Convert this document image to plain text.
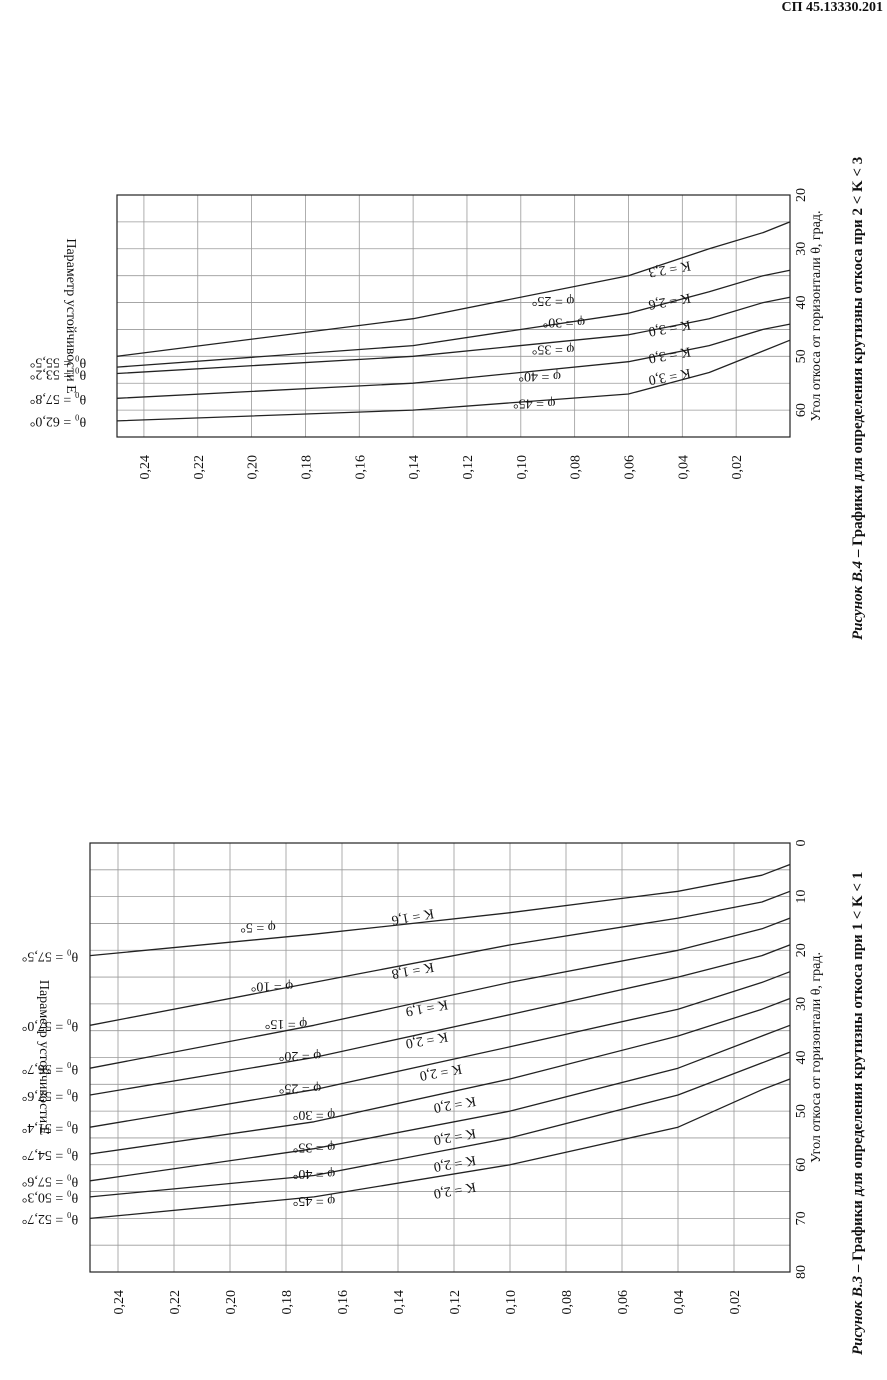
СП 45.13330.201
0,02
0,04
0,06
0,08
0,10
0,12
0,14
0,16
0,18
0,20
0,22
0,24
0
10
20
30
40
50
60
70
80
Угол откоса от горизонтали θ, град.
Параметр устойчивости E
Рисунок В.3 – Графики для определения крутизны откоса при 1 < K < 1
φ = 5°	K = 1,6
θ₀ = 57,5°
φ = 10°
K = 1,8
θ₀ = 57,0°	φ = 15°
K = 1,9
θ₀ = 56,7°
φ = 20°
K = 2,0
θ₀ = 57,6°
φ = 25°
K = 2,0
θ₀ = 51,4°
φ = 30°	K = 2,0
θ₀ = 54,7°
φ = 35°	K = 2,0
θ₀ = 57,6°
φ = 40°	K = 2,0
θ₀ = 50,3°	φ = 45°	K = 2,0
θ₀ = 52,7°
0,02
0,04
0,06
0,08
0,10
0,12
0,14
0,16
0,18
0,20
0,22
0,24
20
30
40
50
60 Угол откоса от горизонтали θ, град.
Параметр устойчивости E
Рисунок В.4 – Графики для определения крутизны откоса при 2 < K < 3
φ = 25°
K = 2,3
φ = 30°
K = 2,6
φ = 35°
K = 3,0
φ = 40°
K = 3,0
φ = 45°
K = 3,0
θ₀ = 62,0°
θ₀ = 57,8°
θ₀ = 53,2°
θ₀ = 55,5°
